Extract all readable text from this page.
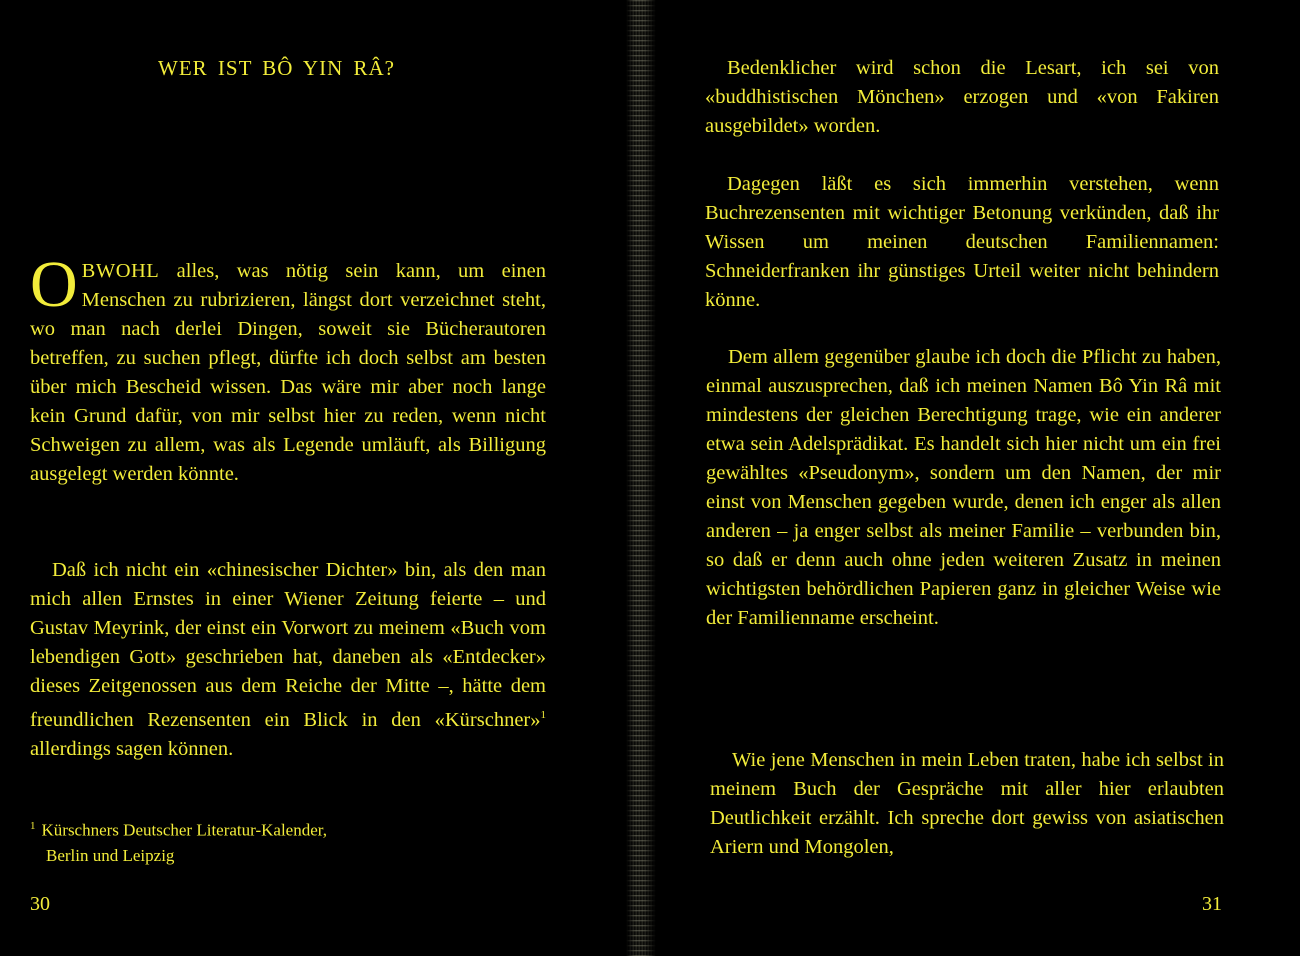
WER IST BÔ YIN RÂ?

OBWOHL alles, was nötig sein kann, um einen Menschen zu rubrizieren, längst dort verzeichnet steht, wo man nach derlei Dingen, soweit sie Bücherautoren betreffen, zu suchen pflegt, dürfte ich doch selbst am besten über mich Bescheid wissen. Das wäre mir aber noch lange kein Grund dafür, von mir selbst hier zu reden, wenn nicht Schweigen zu allem, was als Legende umläuft, als Billigung ausgelegt werden könnte.

Daß ich nicht ein «chinesischer Dichter» bin, als den man mich allen Ernstes in einer Wiener Zeitung feierte – und Gustav Meyrink, der einst ein Vorwort zu meinem «Buch vom lebendigen Gott» geschrieben hat, daneben als «Entdecker» dieses Zeitgenossen aus dem Reiche der Mitte –, hätte dem freundlichen Rezensenten ein Blick in den «Kürschner»$^1$ allerdings sagen können.

$^1$ Kürschners Deutscher Literatur-Kalender,
Berlin und Leipzig

30

Bedenklicher wird schon die Lesart, ich sei von «buddhistischen Mönchen» erzogen und «von Fakiren ausgebildet» worden.

Dagegen läßt es sich immerhin verstehen, wenn Buchrezensenten mit wichtiger Betonung verkünden, daß ihr Wissen um meinen deutschen Familiennamen: Schneiderfranken ihr günstiges Urteil weiter nicht behindern könne.

Dem allem gegenüber glaube ich doch die Pflicht zu haben, einmal auszusprechen, daß ich meinen Namen Bô Yin Râ mit mindestens der gleichen Berechtigung trage, wie ein anderer etwa sein Adelsprädikat. Es handelt sich hier nicht um ein frei gewähltes «Pseudonym», sondern um den Namen, der mir einst von Menschen gegeben wurde, denen ich enger als allen anderen – ja enger selbst als meiner Familie – verbunden bin, so daß er denn auch ohne jeden weiteren Zusatz in meinen wichtigsten behördlichen Papieren ganz in gleicher Weise wie der Familienname erscheint.

Wie jene Menschen in mein Leben traten, habe ich selbst in meinem Buch der Gespräche mit aller hier erlaubten Deutlichkeit erzählt. Ich spreche dort gewiss von asiatischen Ariern und Mongolen,

31
